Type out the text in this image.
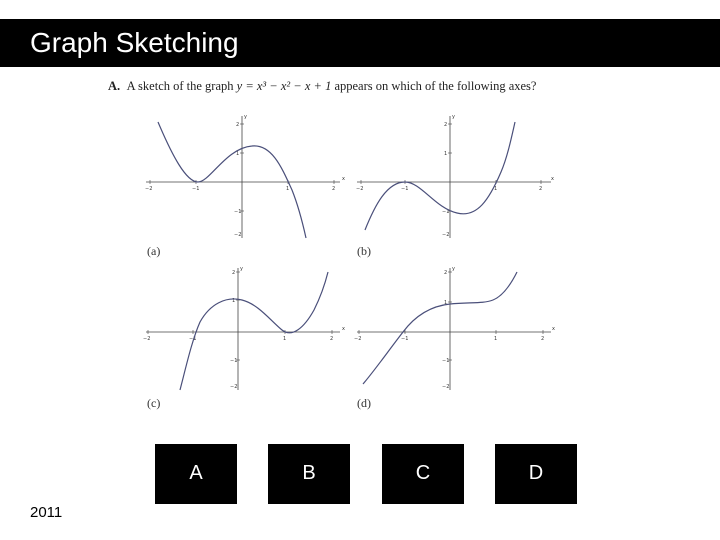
Graph Sketching
A. A sketch of the graph y = x³ − x² − x + 1 appears on which of the following axes?
−2	−1	1	2
2
1
−1
−2
x
y
(a)
−2	−1	1	2
2
1
−1
−2
x
y
(b)
−2	−1	1	2
2
1
−1
−2
x
y
(c)
−2	−1	1	2
2
1
−1
−2
x
y
(d)
A	B	C	D
2011
